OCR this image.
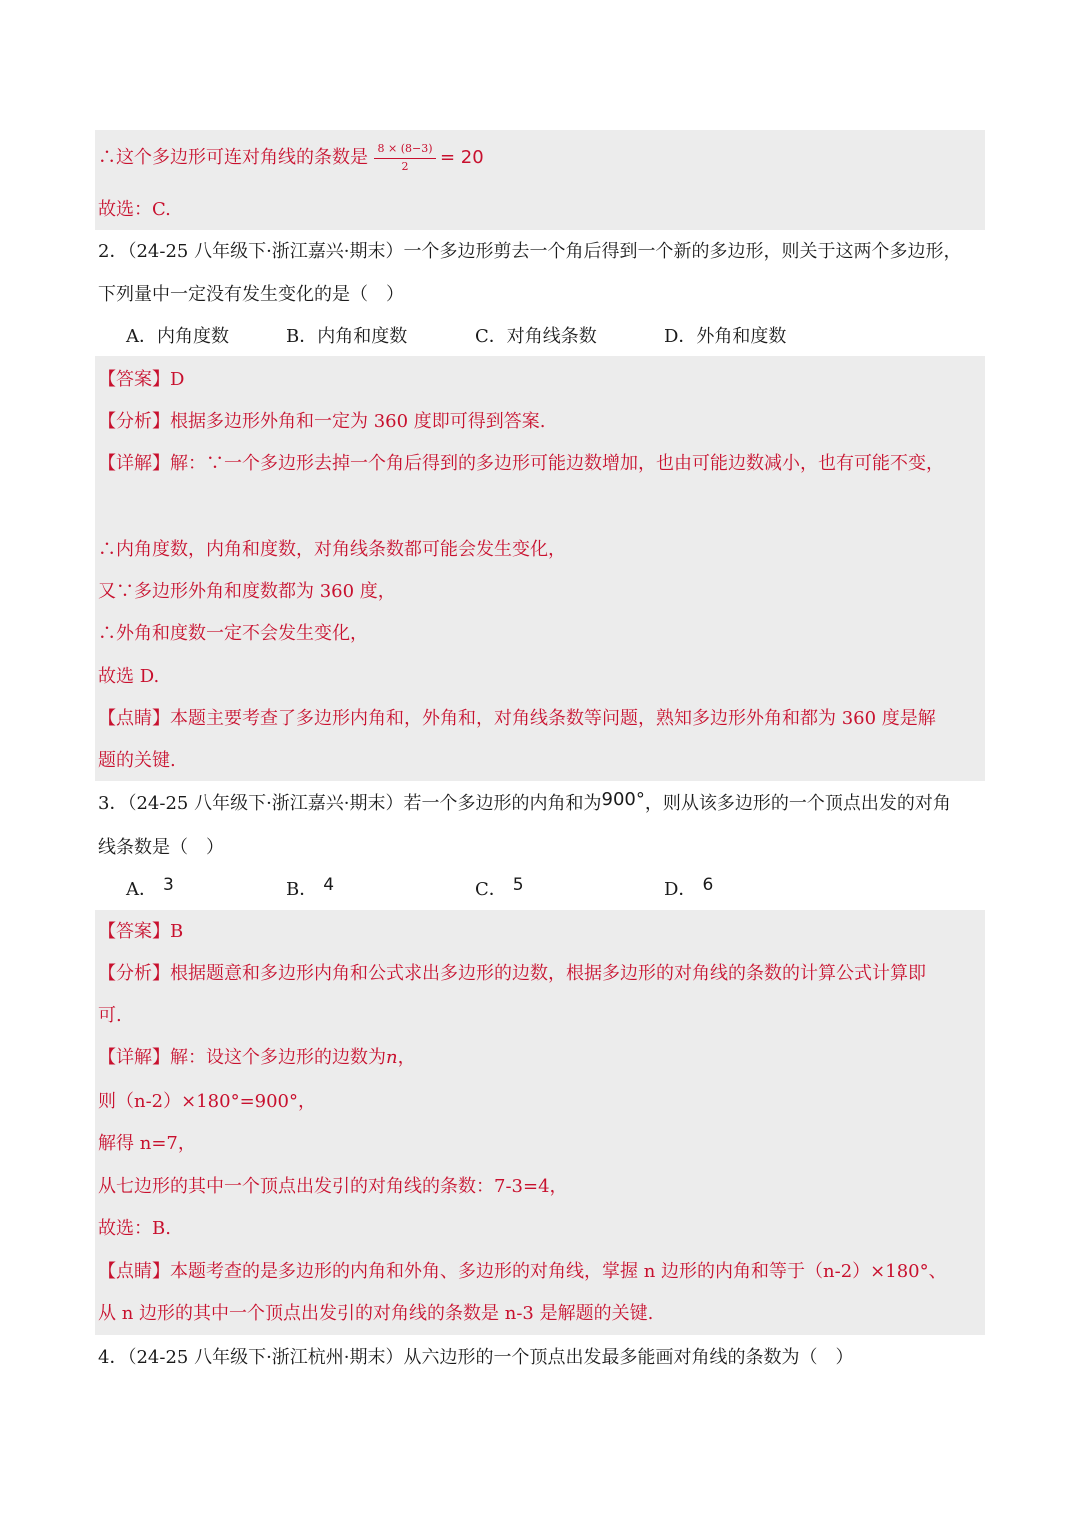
∴这个多边形可连对角线的条数是 8 × (8−3)
2	= 20
故选：C.
2．（24-25 八年级下·浙江嘉兴·期末）一个多边形剪去一个角后得到一个新的多边形，则关于这两个多边形，
下列量中一定没有发生变化的是（　）
A．内角度数	B．内角和度数	C．对角线条数	D．外角和度数
【答案】D
【分析】根据多边形外角和一定为 360 度即可得到答案.
【详解】解：∵一个多边形去掉一个角后得到的多边形可能边数增加，也由可能边数减小，也有可能不变，
∴内角度数，内角和度数，对角线条数都可能会发生变化，
又∵多边形外角和度数都为 360 度，
∴外角和度数一定不会发生变化，
故选 D.
【点睛】本题主要考查了多边形内角和，外角和，对角线条数等问题，熟知多边形外角和都为 360 度是解
题的关键.
3．（24-25 八年级下·浙江嘉兴·期末）若一个多边形的内角和为900°，则从该多边形的一个顶点出发的对角
线条数是（　）
A． 3	B． 4	C． 5	D． 6
【答案】B
【分析】根据题意和多边形内角和公式求出多边形的边数，根据多边形的对角线的条数的计算公式计算即
可.
【详解】解：设这个多边形的边数为n，
则（n-2）×180°=900°，
解得 n=7，
从七边形的其中一个顶点出发引的对角线的条数：7-3=4，
故选：B.
【点睛】本题考查的是多边形的内角和外角、多边形的对角线，掌握 n 边形的内角和等于（n-2）×180°、
从 n 边形的其中一个顶点出发引的对角线的条数是 n-3 是解题的关键.
4．（24-25 八年级下·浙江杭州·期末）从六边形的一个顶点出发最多能画对角线的条数为（　）
